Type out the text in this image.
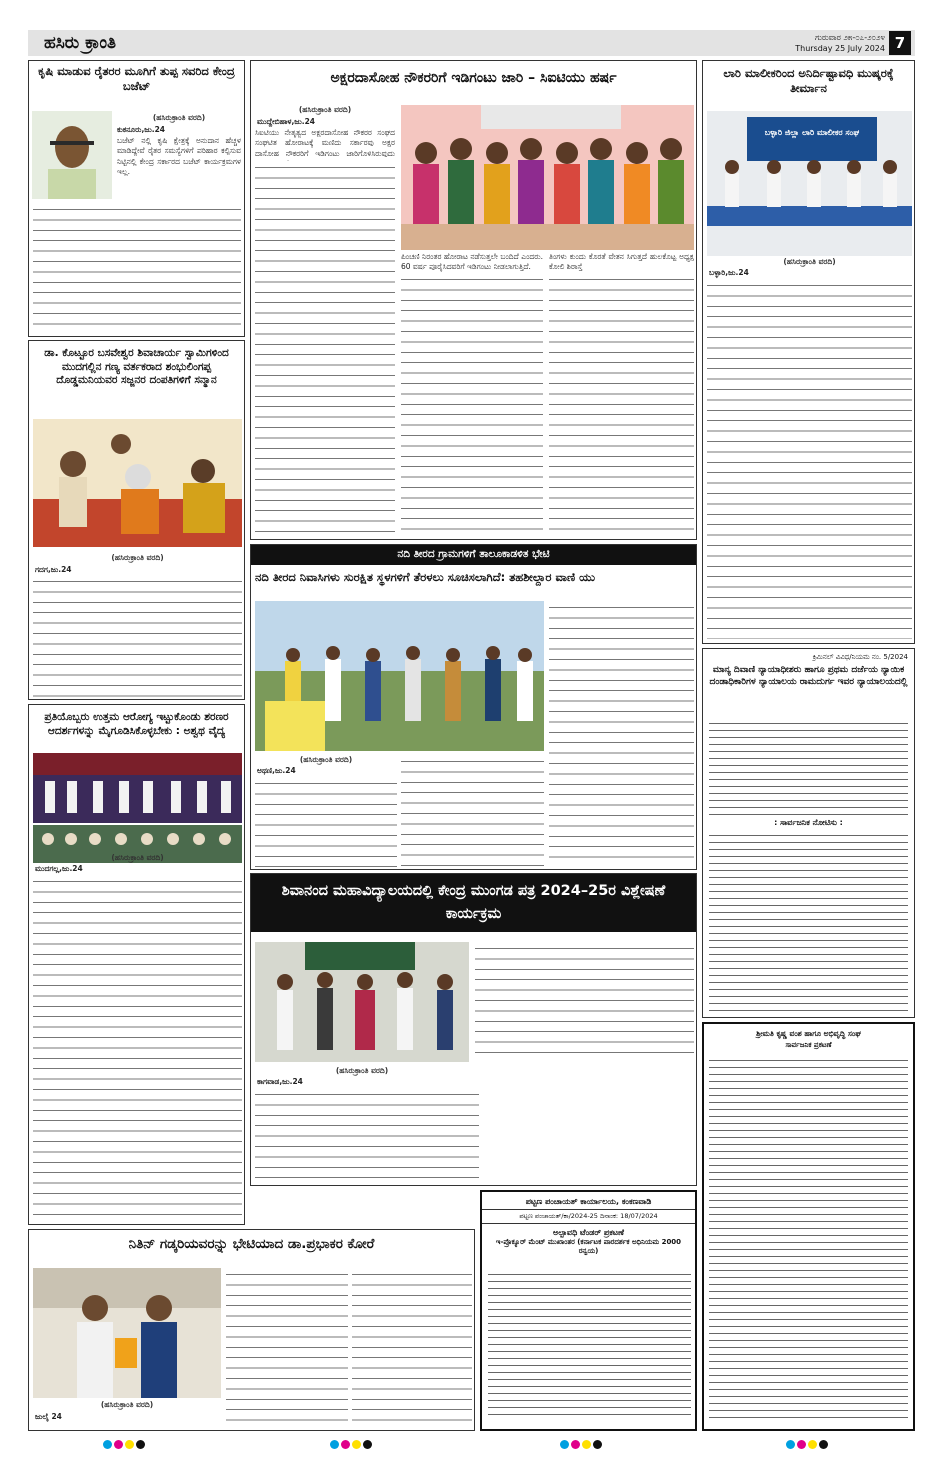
ಹಸಿರು ಕ್ರಾಂತಿ	ಗುರುವಾರ ೨೫-೦೭-೨೦೨೪
Thursday 25 July 2024 7
ಕೃಷಿ ಮಾಡುವ ರೈತರರ ಮೂಗಿಗೆ ತುಪ್ಪ ಸವರಿದ ಕೇಂದ್ರ ಬಜೆಟ್
(ಹಸಿರುಕ್ರಾಂತಿ ವರದಿ)
ಕುಕನೂರು,ಜು.24
ಬಜೆಟ್ ನಲ್ಲಿ ಕೃಷಿ ಕ್ಷೇತ್ರಕ್ಕೆ ಅನುದಾನ ಹೆಚ್ಚಳ ಮಾಡಿದ್ದೇವೆ ರೈತರ ಸಮಸ್ಯೆಗಳಿಗೆ ಪರಿಹಾರ ಕಲ್ಪಿಸುವ ನಿಟ್ಟಿನಲ್ಲಿ ಕೇಂದ್ರ ಸರ್ಕಾರದ ಬಜೆಟ್ ಕಾರ್ಯಕ್ರಮಗಳ ಇಲ್ಲ.
ಡಾ. ಕೊಟ್ಟೂರ ಬಸವೇಶ್ವರ ಶಿವಾಚಾರ್ಯ ಸ್ವಾಮಿಗಳಿಂದ ಮುದಗಲ್ಲಿನ ಗಣ್ಯ ವರ್ತಕರಾದ ಶಂಭುಲಿಂಗಪ್ಪ ದೊಡ್ಡಮನಿಯವರ ಸಜ್ಜನರ ದಂಪತಿಗಳಿಗೆ ಸನ್ಮಾನ
(ಹಸಿರುಕ್ರಾಂತಿ ವರದಿ)
ಗದಗ,ಜು.24
ಪ್ರತಿಯೊಬ್ಬರು ಉತ್ತಮ ಆರೋಗ್ಯ ಇಟ್ಟುಕೊಂಡು ಶರಣರ ಆದರ್ಶಗಳನ್ನು ಮೈಗೂಡಿಸಿಕೊಳ್ಳಬೇಕು : ಅಶ್ವಥ ವೈದ್ಯ
(ಹಸಿರುಕ್ರಾಂತಿ ವರದಿ)
ಮುದಗಲ್ಲ,ಜು.24
ಅಕ್ಷರದಾಸೋಹ ನೌಕರರಿಗೆ ಇಡಿಗಂಟು ಜಾರಿ – ಸಿಐಟಿಯು ಹರ್ಷ
(ಹಸಿರುಕ್ರಾಂತಿ ವರದಿ)
ಮುದ್ದೇಬಿಹಾಳ,ಜು.24
ಸಿಐಟಿಯು ನೇತೃತ್ವದ ಅಕ್ಷರದಾಸೋಹ ನೌಕರರ ಸಂಘದ ಸಂಘಟಿತ ಹೋರಾಟಕ್ಕೆ ಮಣಿದು ಸರ್ಕಾರವು ಅಕ್ಷರ ದಾಸೋಹ ನೌಕರರಿಗೆ ಇಡಿಗಂಟು ಜಾರಿಗೊಳಿಸಿರುವುದು
ಪಿಂಚಣಿ ನಿರಂತರ ಹೋರಾಟ ನಡೆಸುತ್ತಲೇ ಬಂದಿದೆ ಎಂದರು. 60 ವರ್ಷ ಪೂರೈಸಿದವರಿಗೆ ಇಡಿಗಂಟು ನೀಡಲಾಗುತ್ತಿದೆ.
ತಿಂಗಳು ಕುಂದು ಕೊರತೆ ವೇತನ ಸಿಗುತ್ತದೆ ಹುಲಕೊಟ್ಟ ಅಧ್ಯಕ್ಷ ಕೋಲಿ ಶಿರಾಸ್ತೆ
ಲಾರಿ ಮಾಲೀಕರಿಂದ ಅನಿರ್ದಿಷ್ಟಾವಧಿ ಮುಷ್ಕರಕ್ಕೆ ತೀರ್ಮಾನ
ಬಳ್ಳಾರಿ ಜಿಲ್ಲಾ ಲಾರಿ ಮಾಲೀಕರ ಸಂಘ
(ಹಸಿರುಕ್ರಾಂತಿ ವರದಿ)
ಬಳ್ಳಾರಿ,ಜು.24
ನದಿ ತೀರದ ಗ್ರಾಮಗಳಿಗೆ ತಾಲೂಕಾಡಳಿತ ಭೇಟಿ
ನದಿ ತೀರದ ನಿವಾಸಿಗಳು ಸುರಕ್ಷಿತ ಸ್ಥಳಗಳಿಗೆ ತೆರಳಲು ಸೂಚಿಸಲಾಗಿದೆ: ತಹಶೀಲ್ದಾರ ವಾಣಿ ಯು
(ಹಸಿರುಕ್ರಾಂತಿ ವರದಿ)
ಅಥಣಿ,ಜು.24
ಶಿವಾನಂದ ಮಹಾವಿದ್ಯಾಲಯದಲ್ಲಿ ಕೇಂದ್ರ ಮುಂಗಡ ಪತ್ರ 2024–25ರ ವಿಶ್ಲೇಷಣೆ ಕಾರ್ಯಕ್ರಮ
(ಹಸಿರುಕ್ರಾಂತಿ ವರದಿ)
ಕಾಗವಾಡ,ಜು.24
ನಿತಿನ್ ಗಡ್ಕರಿಯವರನ್ನು ಭೇಟಿಯಾದ ಡಾ.ಪ್ರಭಾಕರ ಕೋರೆ
(ಹಸಿರುಕ್ರಾಂತಿ ವರದಿ)
ಜುಲೈ 24
ಪಟ್ಟಣ ಪಂಚಾಯತ್ ಕಾರ್ಯಾಲಯ, ಕಂಕಣವಾಡಿ
ಪಟ್ಟಣ ಪಂಚಾಯತ್/ಕಾ/2024-25 ದಿನಾಂಕ: 18/07/2024
ಅಲ್ಪಾವಧಿ ಟೆಂಡರ್ ಪ್ರಕಟಣೆ
ಇ-ಪ್ರೊಕ್ಯೂರ್ ಮೆಂಟ್ ಮುಖಾಂತರ (ಕರ್ನಾಟಕ ಪಾರದರ್ಶಕ ಅಧಿನಿಯಮ 2000 ರನ್ವಯ)
ಕ್ರಿಮಿನಲ್ ವಿವಿಧ/ನಿಯಮ ನಂ. 5/2024
ಮಾನ್ಯ ದಿವಾಣಿ ನ್ಯಾಯಾಧೀಶರು ಹಾಗೂ ಪ್ರಥಮ ದರ್ಜೆಯ ನ್ಯಾಯಿಕ ದಂಡಾಧಿಕಾರಿಗಳ ನ್ಯಾಯಾಲಯ ರಾಮದುರ್ಗ ಇವರ ನ್ಯಾಯಾಲಯದಲ್ಲಿ
: ಸಾರ್ವಜನಿಕ ನೋಟಿಸು :
ಶ್ರೀಮತಿ ಕೃಷ್ಣ ವಂಶ ಹಾಗೂ ಅಭಿವೃದ್ಧಿ ಸಂಘ
ಸಾರ್ವಜನಿಕ ಪ್ರಕಟಣೆ
